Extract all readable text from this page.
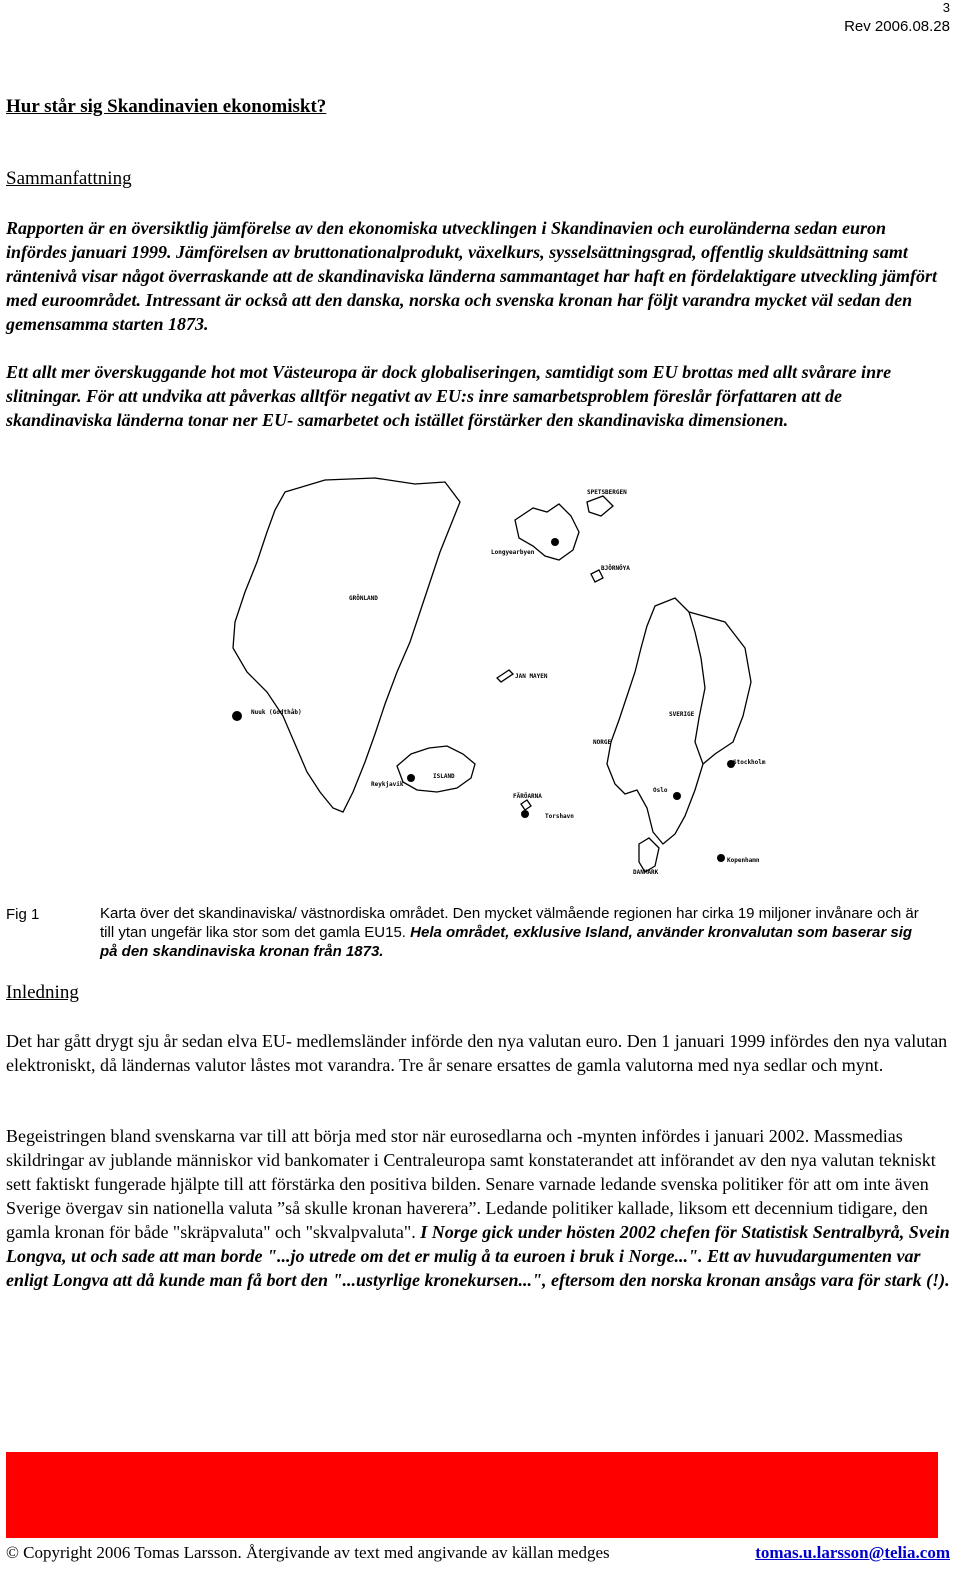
3
Rev 2006.08.28
Hur står sig Skandinavien ekonomiskt?
Sammanfattning

Rapporten är en översiktlig jämförelse av den ekonomiska utvecklingen i Skandinavien och euroländerna sedan euron infördes januari 1999. Jämförelsen av bruttonationalprodukt, växelkurs, sysselsättningsgrad, offentlig skuldsättning samt räntenivå visar något överraskande att de skandinaviska länderna sammantaget har haft en fördelaktigare utveckling jämfört med euroområdet. Intressant är också att den danska, norska och svenska kronan har följt varandra mycket väl sedan den gemensamma starten 1873.

Ett allt mer överskuggande hot mot Västeuropa är dock globaliseringen, samtidigt som EU brottas med allt svårare inre slitningar. För att undvika att påverkas alltför negativt av EU:s inre samarbetsproblem föreslår författaren att de skandinaviska länderna tonar ner EU- samarbetet och istället förstärker den skandinaviska dimensionen.

GRÖNLAND
SPETSBERGEN
Longyearbyen
BJÖRNÖYA
JAN MAYEN
Nuuk (Godthåb)	SVERIGE
NORGE
Stockholm
Oslo
ISLAND
Reykjavik
FÄRÖARNA
Torshavn
Kopenhamn
DANMARK
Fig 1	Karta över det skandinaviska/ västnordiska området. Den mycket välmående regionen har cirka 19 miljoner invånare och är till ytan ungefär lika stor som det gamla EU15. Hela området, exklusive Island, använder kronvalutan som baserar sig på den skandinaviska kronan från 1873.

Inledning

Det har gått drygt sju år sedan elva EU- medlemsländer införde den nya valutan euro. Den 1 januari 1999 infördes den nya valutan elektroniskt, då ländernas valutor låstes mot varandra. Tre år senare ersattes de gamla valutorna med nya sedlar och mynt.

Begeistringen bland svenskarna var till att börja med stor när eurosedlarna och -mynten infördes i januari 2002. Massmedias skildringar av jublande människor vid bankomater i Centraleuropa samt konstaterandet att införandet av den nya valutan tekniskt sett faktiskt fungerade hjälpte till att förstärka den positiva bilden. Senare varnade ledande svenska politiker för att om inte även Sverige övergav sin nationella valuta ”så skulle kronan haverera”. Ledande politiker kallade, liksom ett decennium tidigare, den gamla kronan för både "skräpvaluta" och "skvalpvaluta". I Norge gick under hösten 2002 chefen för Statistisk Sentralbyrå, Svein Longva, ut och sade att man borde "...jo utrede om det er mulig å ta euroen i bruk i Norge...". Ett av huvudargumenten var enligt Longva att då kunde man få bort den "...ustyrlige kronekursen...", eftersom den norska kronan ansågs vara för stark (!).

© Copyright 2006 Tomas Larsson. Återgivande av text med angivande av källan medges	tomas.u.larsson@telia.com
